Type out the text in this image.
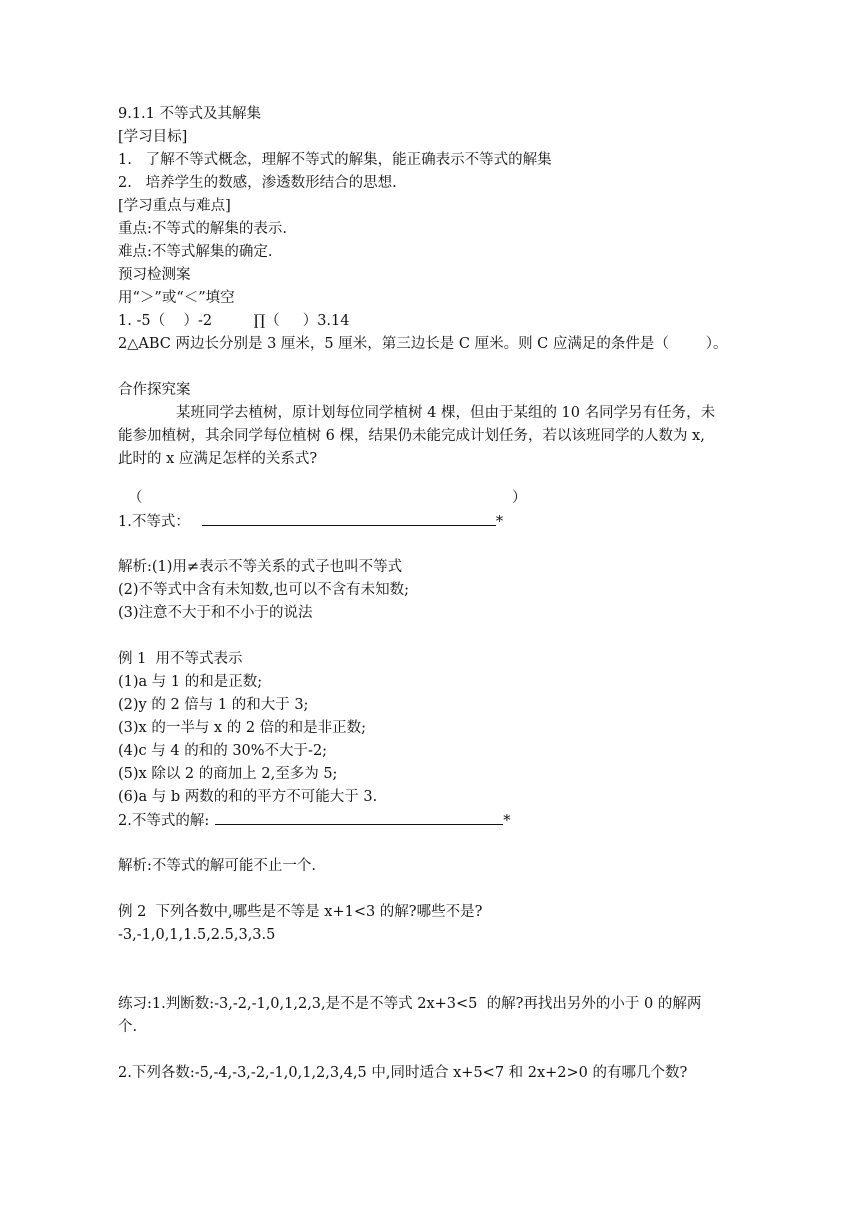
9.1.1 不等式及其解集
[学习目标]
1.   了解不等式概念，理解不等式的解集，能正确表示不等式的解集
2.   培养学生的数感，渗透数形结合的思想.
[学习重点与难点]
重点:不等式的解集的表示.
难点:不等式解集的确定.
预习检测案
用“＞”或“＜”填空
1. -5（    ）-2         ∏（     ）3.14
2△ABC 两边长分别是 3 厘米，5 厘米，第三边长是 C 厘米。则 C 应满足的条件是（        ）。
合作探究案
某班同学去植树，原计划每位同学植树 4 棵，但由于某组的 10 名同学另有任务，未
能参加植树，其余同学每位植树 6 棵，结果仍未能完成计划任务，若以该班同学的人数为 x,
此时的 x 应满足怎样的关系式?
（	）
1.不等式：	*
解析:(1)用≠表示不等关系的式子也叫不等式
(2)不等式中含有未知数,也可以不含有未知数;
(3)注意不大于和不小于的说法
例 1  用不等式表示
(1)a 与 1 的和是正数;
(2)y 的 2 倍与 1 的和大于 3;
(3)x 的一半与 x 的 2 倍的和是非正数;
(4)c 与 4 的和的 30%不大于-2;
(5)x 除以 2 的商加上 2,至多为 5;
(6)a 与 b 两数的和的平方不可能大于 3.
2.不等式的解:	*
解析:不等式的解可能不止一个.
例 2  下列各数中,哪些是不等是 x+1<3 的解?哪些不是?
-3,-1,0,1,1.5,2.5,3,3.5
练习:1.判断数:-3,-2,-1,0,1,2,3,是不是不等式 2x+3<5  的解?再找出另外的小于 0 的解两
个.
2.下列各数:-5,-4,-3,-2,-1,0,1,2,3,4,5 中,同时适合 x+5<7 和 2x+2>0 的有哪几个数?
